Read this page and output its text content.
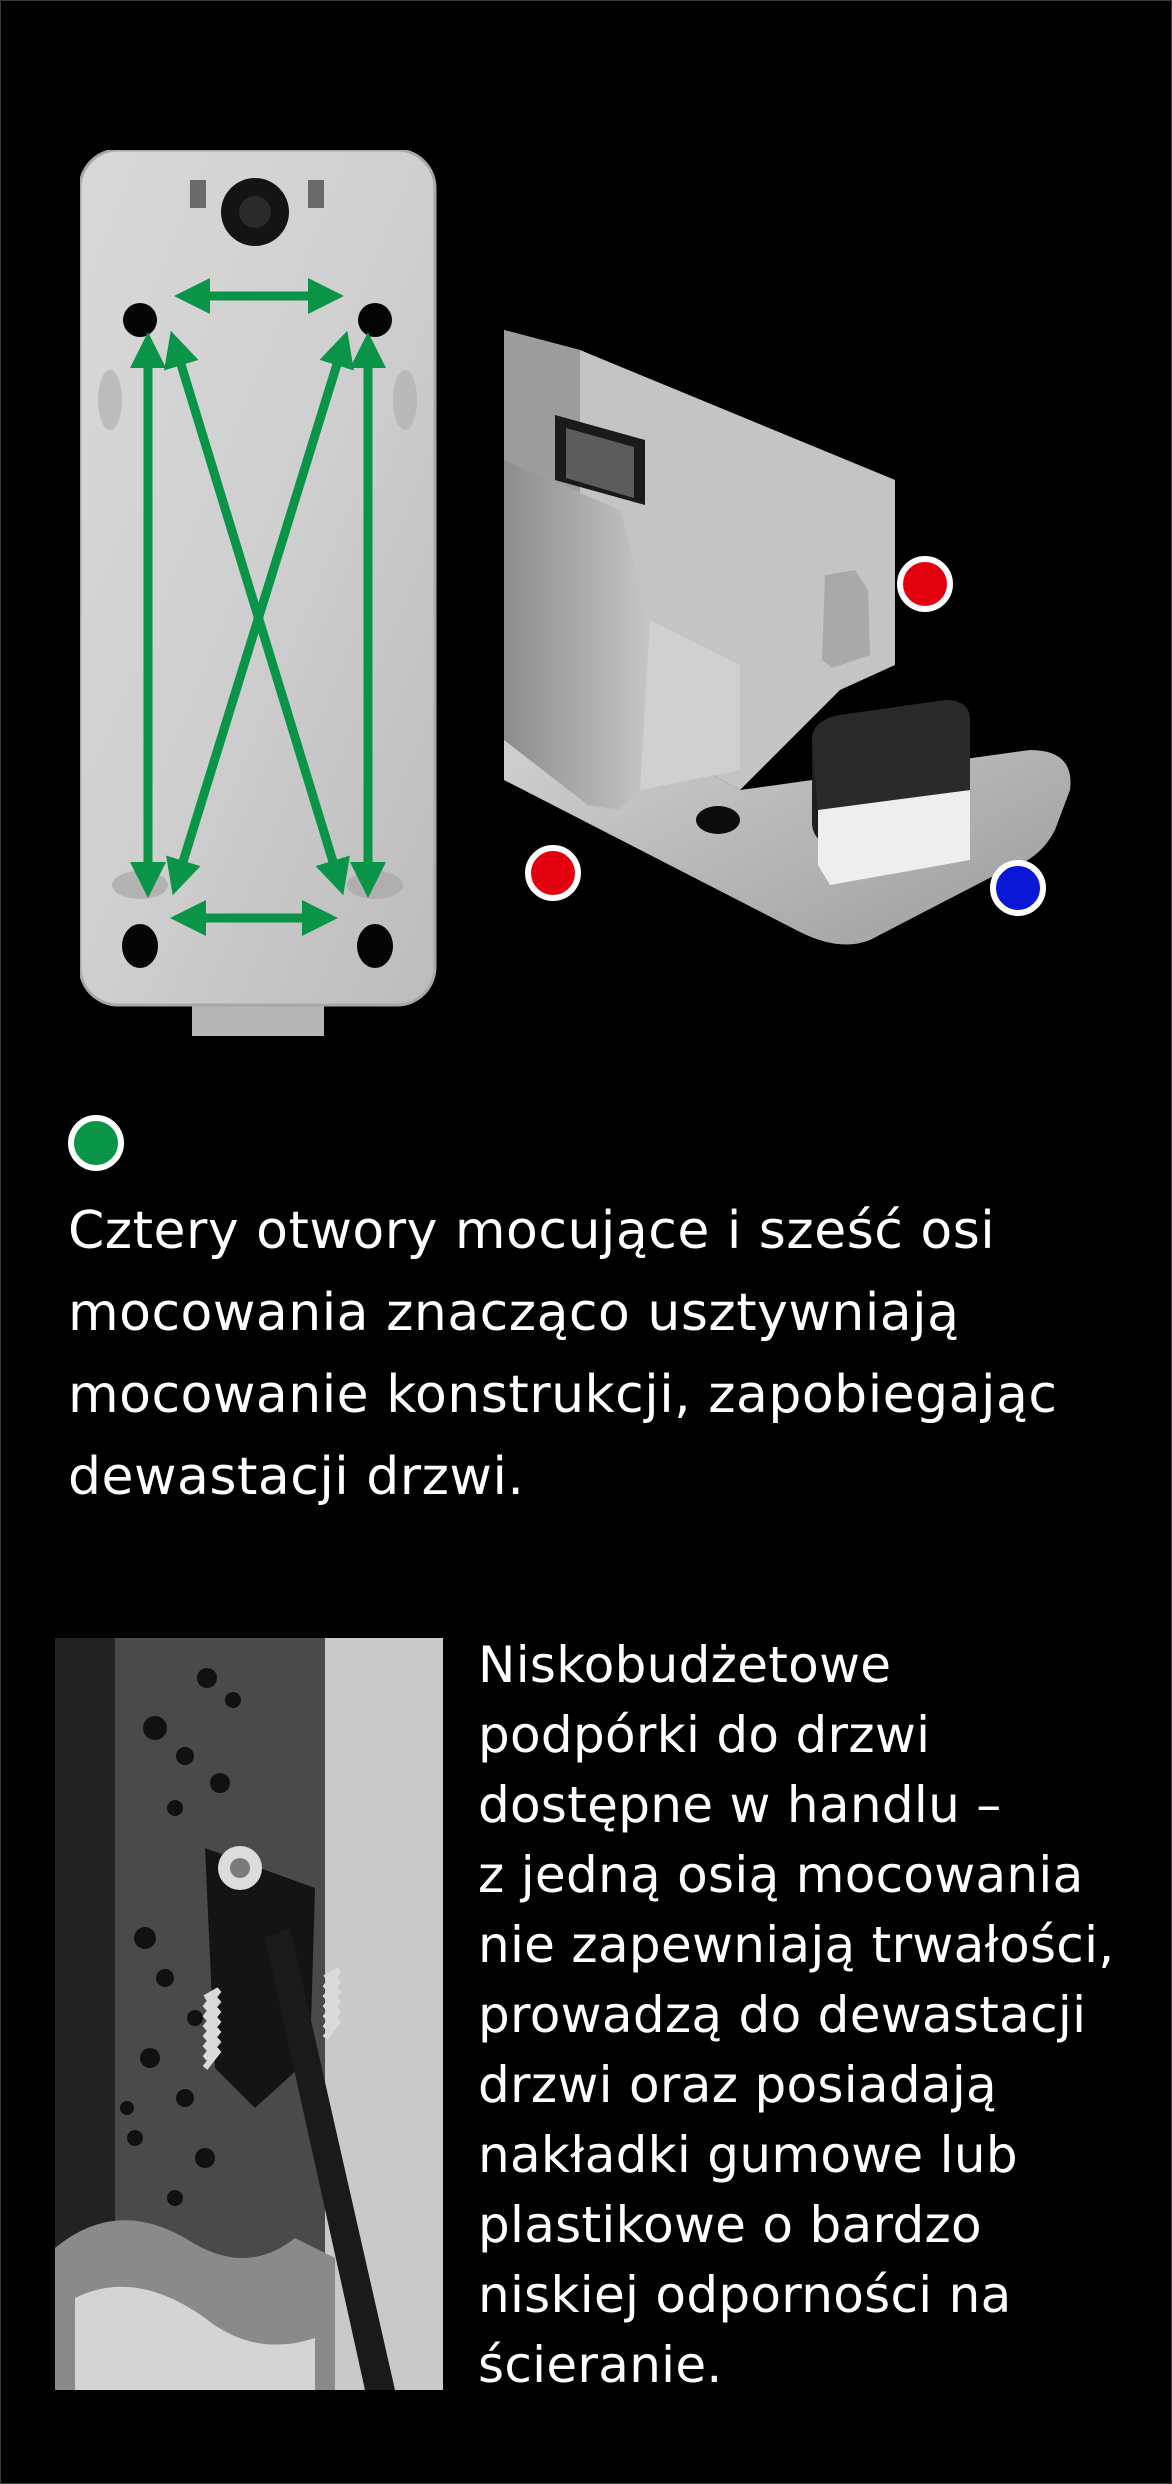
Cztery otwory mocujące i sześć osi
mocowania znacząco usztywniają
mocowanie konstrukcji, zapobiegając
dewastacji drzwi.
Niskobudżetowe
podpórki do drzwi
dostępne w handlu –
z jedną osią mocowania
nie zapewniają trwałości,
prowadzą do dewastacji
drzwi oraz posiadają
nakładki gumowe lub
plastikowe o bardzo
niskiej odporności na
ścieranie.
